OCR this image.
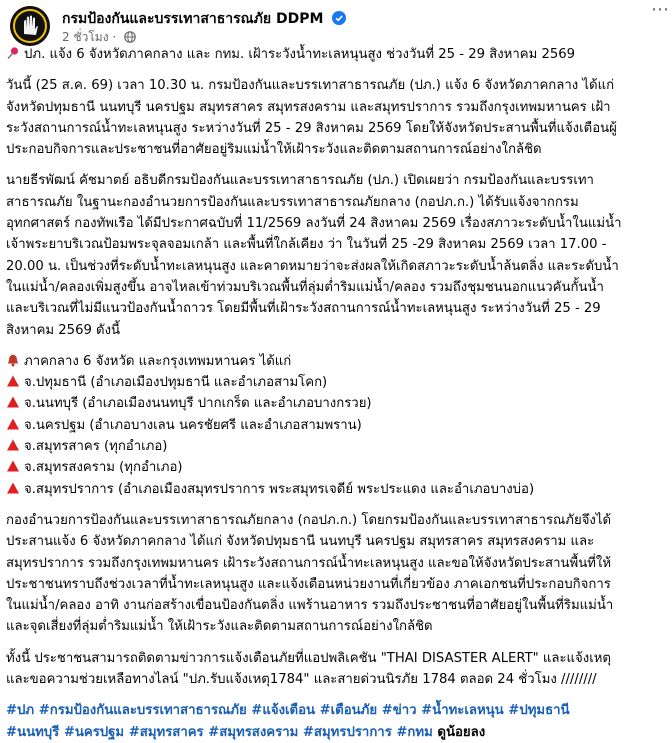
กรมป้องกันและบรรเทาสาธารณภัย DDPM
2 ชั่วโมง ·
ปภ. แจ้ง 6 จังหวัดภาคกลาง และ กทม. เฝ้าระวังน้ำทะเลหนุนสูง ช่วงวันที่ 25 - 29 สิงหาคม 2569
วันนี้ (25 ส.ค. 69) เวลา 10.30 น. กรมป้องกันและบรรเทาสาธารณภัย (ปภ.) แจ้ง 6 จังหวัดภาคกลาง ได้แก่
จังหวัดปทุมธานี นนทบุรี นครปฐม สมุทรสาคร สมุทรสงคราม และสมุทรปราการ รวมถึงกรุงเทพมหานคร เฝ้า
ระวังสถานการณ์น้ำทะเลหนุนสูง ระหว่างวันที่ 25 - 29 สิงหาคม 2569 โดยให้จังหวัดประสานพื้นที่แจ้งเตือนผู้
ประกอบกิจการและประชาชนที่อาศัยอยู่ริมแม่น้ำให้เฝ้าระวังและติดตามสถานการณ์อย่างใกล้ชิด
นายธีรพัฒน์ คัชมาตย์ อธิบดีกรมป้องกันและบรรเทาสาธารณภัย (ปภ.) เปิดเผยว่า กรมป้องกันและบรรเทา
สาธารณภัย ในฐานะกองอำนวยการป้องกันและบรรเทาสาธารณภัยกลาง (กอปภ.ก.) ได้รับแจ้งจากกรม
อุทกศาสตร์ กองทัพเรือ ได้มีประกาศฉบับที่ 11/2569 ลงวันที่ 24 สิงหาคม 2569 เรื่องสภาวะระดับน้ำในแม่น้ำ
เจ้าพระยาบริเวณป้อมพระจุลจอมเกล้า และพื้นที่ใกล้เคียง ว่า ในวันที่ 25 -29 สิงหาคม 2569 เวลา 17.00 -
20.00 น. เป็นช่วงที่ระดับน้ำทะเลหนุนสูง และคาดหมายว่าจะส่งผลให้เกิดสภาวะระดับน้ำล้นตลิ่ง และระดับน้ำ
ในแม่น้ำ/คลองเพิ่มสูงขึ้น อาจไหลเข้าท่วมบริเวณพื้นที่ลุ่มต่ำริมแม่น้ำ/คลอง รวมถึงชุมชนนอกแนวคันกั้นน้ำ
และบริเวณที่ไม่มีแนวป้องกันน้ำถาวร โดยมีพื้นที่เฝ้าระวังสถานการณ์น้ำทะเลหนุนสูง ระหว่างวันที่ 25 - 29
สิงหาคม 2569 ดังนี้
ภาคกลาง 6 จังหวัด และกรุงเทพมหานคร ได้แก่
จ.ปทุมธานี (อำเภอเมืองปทุมธานี และอำเภอสามโคก)
จ.นนทบุรี (อำเภอเมืองนนทบุรี ปากเกร็ด และอำเภอบางกรวย)
จ.นครปฐม (อำเภอบางเลน นครชัยศรี และอำเภอสามพราน)
จ.สมุทรสาคร (ทุกอำเภอ)
จ.สมุทรสงคราม (ทุกอำเภอ)
จ.สมุทรปราการ (อำเภอเมืองสมุทรปราการ พระสมุทรเจดีย์ พระประแดง และอำเภอบางบ่อ)
กองอำนวยการป้องกันและบรรเทาสาธารณภัยกลาง (กอปภ.ก.) โดยกรมป้องกันและบรรเทาสาธารณภัยจึงได้
ประสานแจ้ง 6 จังหวัดภาคกลาง ได้แก่ จังหวัดปทุมธานี นนทบุรี นครปฐม สมุทรสาคร สมุทรสงคราม และ
สมุทรปราการ รวมถึงกรุงเทพมหานคร เฝ้าระวังสถานการณ์น้ำทะเลหนุนสูง และขอให้จังหวัดประสานพื้นที่ให้
ประชาชนทราบถึงช่วงเวลาที่น้ำทะเลหนุนสูง และแจ้งเตือนหน่วยงานที่เกี่ยวข้อง ภาคเอกชนที่ประกอบกิจการ
ในแม่น้ำ/คลอง อาทิ งานก่อสร้างเขื่อนป้องกันตลิ่ง แพร้านอาหาร รวมถึงประชาชนที่อาศัยอยู่ในพื้นที่ริมแม่น้ำ
และจุดเสี่ยงที่ลุ่มต่ำริมแม่น้ำ ให้เฝ้าระวังและติดตามสถานการณ์อย่างใกล้ชิด
ทั้งนี้ ประชาชนสามารถติดตามข่าวการแจ้งเตือนภัยที่แอปพลิเคชัน "THAI DISASTER ALERT" และแจ้งเหตุ
และขอความช่วยเหลือทางไลน์ "ปภ.รับแจ้งเหตุ1784" และสายด่วนนิรภัย 1784 ตลอด 24 ชั่วโมง ////////
#ปภ #กรมป้องกันและบรรเทาสาธารณภัย #แจ้งเตือน #เตือนภัย #ข่าว #น้ำทะเลหนุน #ปทุมธานี
#นนทบุรี #นครปฐม #สมุทรสาคร #สมุทรสงคราม #สมุทรปราการ #กทม ดูน้อยลง
⋯
